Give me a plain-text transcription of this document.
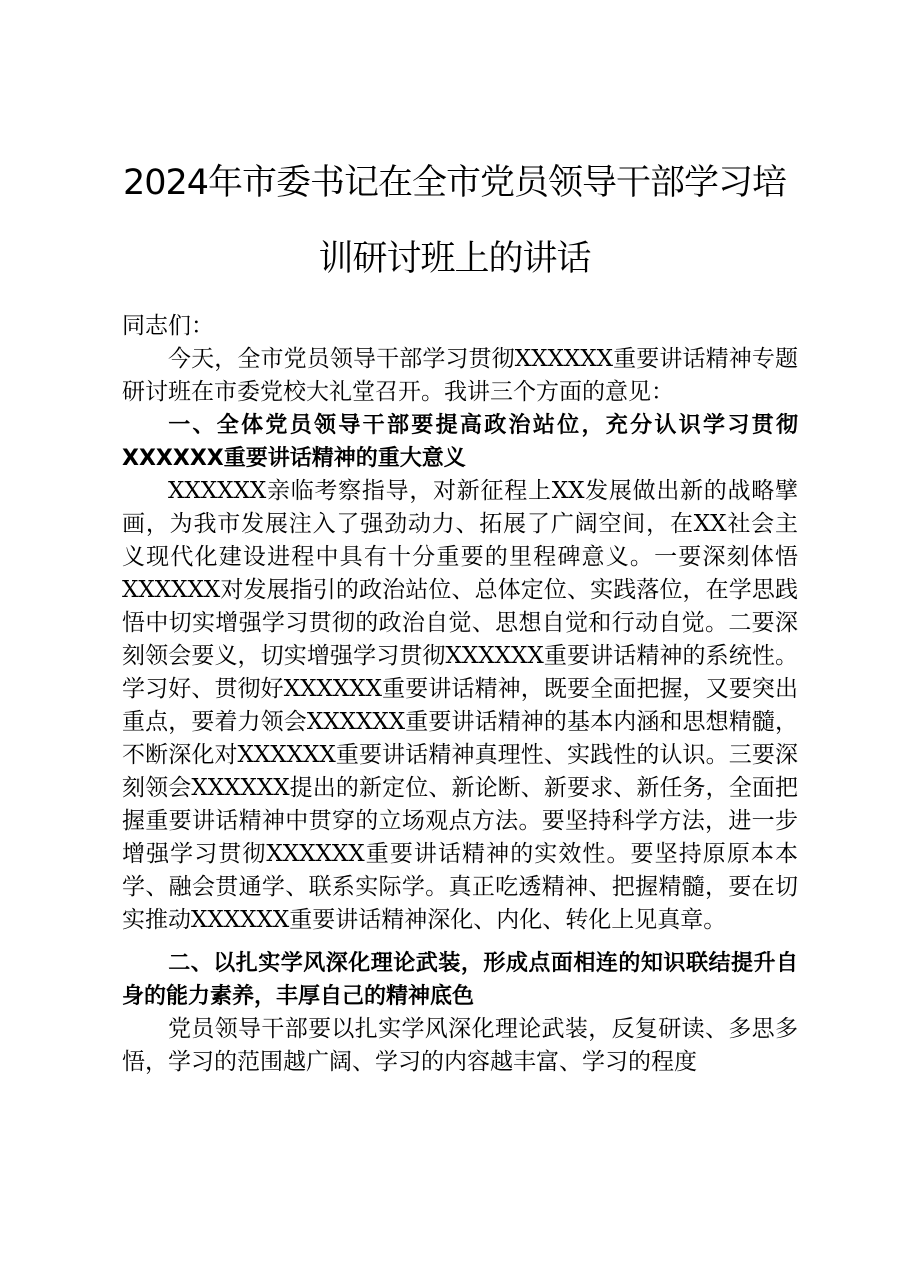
2024年市委书记在全市党员领导干部学习培
训研讨班上的讲话

同志们：

今天，全市党员领导干部学习贯彻XXXXXX重要讲话精神专题研讨班在市委党校大礼堂召开。我讲三个方面的意见：

一、全体党员领导干部要提高政治站位，充分认识学习贯彻XXXXXX重要讲话精神的重大意义

XXXXXX亲临考察指导，对新征程上XX发展做出新的战略擘画，为我市发展注入了强劲动力、拓展了广阔空间，在XX社会主义现代化建设进程中具有十分重要的里程碑意义。一要深刻体悟XXXXXX对发展指引的政治站位、总体定位、实践落位，在学思践悟中切实增强学习贯彻的政治自觉、思想自觉和行动自觉。二要深刻领会要义，切实增强学习贯彻XXXXXX重要讲话精神的系统性。学习好、贯彻好XXXXXX重要讲话精神，既要全面把握，又要突出重点，要着力领会XXXXXX重要讲话精神的基本内涵和思想精髓，不断深化对XXXXXX重要讲话精神真理性、实践性的认识。三要深刻领会XXXXXX提出的新定位、新论断、新要求、新任务，全面把握重要讲话精神中贯穿的立场观点方法。要坚持科学方法，进一步增强学习贯彻XXXXXX重要讲话精神的实效性。要坚持原原本本学、融会贯通学、联系实际学。真正吃透精神、把握精髓，要在切实推动XXXXXX重要讲话精神深化、内化、转化上见真章。

二、以扎实学风深化理论武装，形成点面相连的知识联结提升自身的能力素养，丰厚自己的精神底色

党员领导干部要以扎实学风深化理论武装，反复研读、多思多悟，学习的范围越广阔、学习的内容越丰富、学习的程度
